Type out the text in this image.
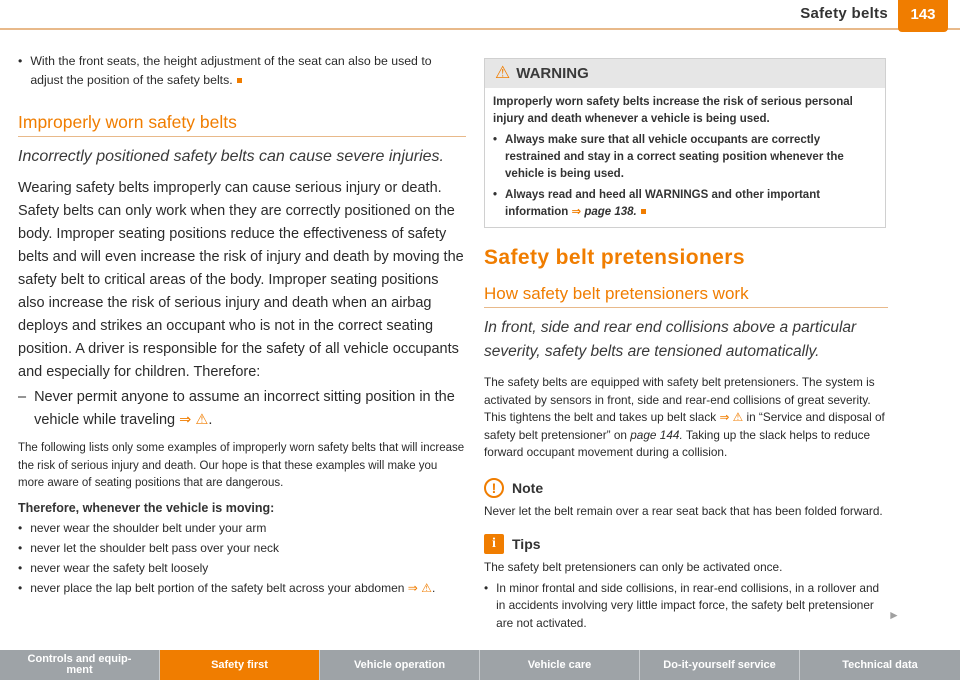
Safety belts	143
• With the front seats, the height adjustment of the seat can also be used to adjust the position of the safety belts.
Improperly worn safety belts

Incorrectly positioned safety belts can cause severe injuries.

Wearing safety belts improperly can cause serious injury or death. Safety belts can only work when they are correctly positioned on the body. Improper seating positions reduce the effectiveness of safety belts and will even increase the risk of injury and death by moving the safety belt to critical areas of the body. Improper seating positions also increase the risk of serious injury and death when an airbag deploys and strikes an occupant who is not in the correct seating position. A driver is responsible for the safety of all vehicle occupants and especially for children. Therefore:

– Never permit anyone to assume an incorrect sitting position in the vehicle while traveling ⇒ ⚠.

The following lists only some examples of improperly worn safety belts that will increase the risk of serious injury and death. Our hope is that these examples will make you more aware of seating positions that are dangerous.

Therefore, whenever the vehicle is moving:

• never wear the shoulder belt under your arm
• never let the shoulder belt pass over your neck
• never wear the safety belt loosely
• never place the lap belt portion of the safety belt across your abdomen ⇒ ⚠.
⚠ WARNING

Improperly worn safety belts increase the risk of serious personal injury and death whenever a vehicle is being used.

• Always make sure that all vehicle occupants are correctly restrained and stay in a correct seating position whenever the vehicle is being used.
• Always read and heed all WARNINGS and other important information ⇒ page 138.
Safety belt pretensioners
How safety belt pretensioners work

In front, side and rear end collisions above a particular severity, safety belts are tensioned automatically.

The safety belts are equipped with safety belt pretensioners. The system is activated by sensors in front, side and rear-end collisions of great severity. This tightens the belt and takes up belt slack ⇒ ⚠ in “Service and disposal of safety belt pretensioner” on page 144. Taking up the slack helps to reduce forward occupant movement during a collision.

!	Note

Never let the belt remain over a rear seat back that has been folded forward.

i	Tips

The safety belt pretensioners can only be activated once.

• In minor frontal and side collisions, in rear-end collisions, in a rollover and in accidents involving very little impact force, the safety belt pretensioner are not activated.
►
Controls and equip-
ment	Safety first	Vehicle operation	Vehicle care	Do-it-yourself service	Technical data
